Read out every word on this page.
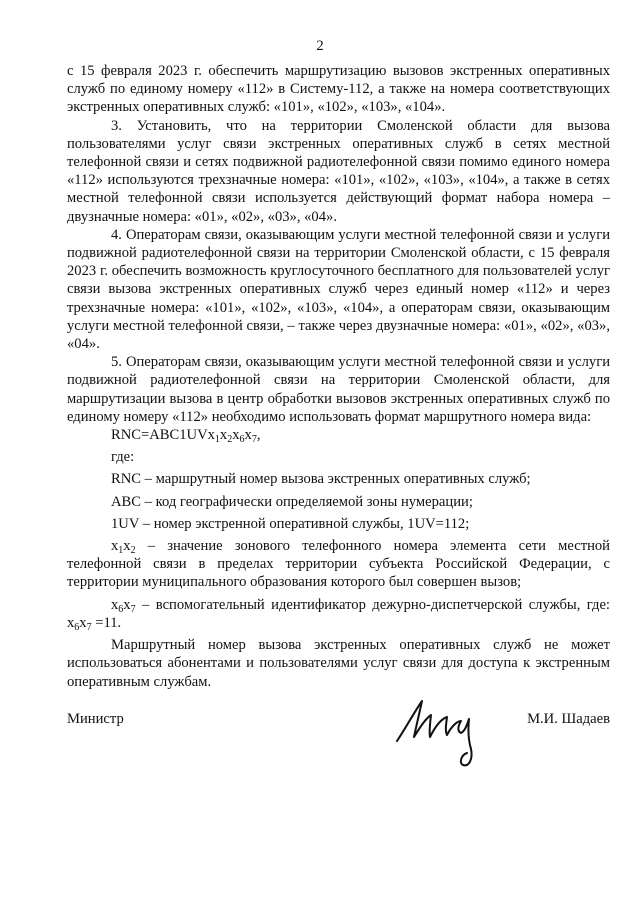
2

с 15 февраля 2023 г. обеспечить маршрутизацию вызовов экстренных оперативных служб по единому номеру «112» в Систему-112, а также на номера соответствующих экстренных оперативных служб: «101», «102», «103», «104».

3. Установить, что на территории Смоленской области для вызова пользователями услуг связи экстренных оперативных служб в сетях местной телефонной связи и сетях подвижной радиотелефонной связи помимо единого номера «112» используются трехзначные номера: «101», «102», «103», «104», а также в сетях местной телефонной связи используется действующий формат набора номера – двузначные номера: «01», «02», «03», «04».

4. Операторам связи, оказывающим услуги местной телефонной связи и услуги подвижной радиотелефонной связи на территории Смоленской области, с 15 февраля 2023 г. обеспечить возможность круглосуточного бесплатного для пользователей услуг связи вызова экстренных оперативных служб через единый номер «112» и через трехзначные номера: «101», «102», «103», «104», а операторам связи, оказывающим услуги местной телефонной связи, – также через двузначные номера: «01», «02», «03», «04».

5. Операторам связи, оказывающим услуги местной телефонной связи и услуги подвижной радиотелефонной связи на территории Смоленской области, для маршрутизации вызова в центр обработки вызовов экстренных оперативных служб по единому номеру «112» необходимо использовать формат маршрутного номера вида:

$RNC=ABC1UVx_1x_2x_6x_7$,

где:

RNC – маршрутный номер вызова экстренных оперативных служб;

ABC – код географически определяемой зоны нумерации;

1UV – номер экстренной оперативной службы, 1UV=112;

$x_1x_2$ – значение зонового телефонного номера элемента сети местной телефонной связи в пределах территории субъекта Российской Федерации, с территории муниципального образования которого был совершен вызов;

$x_6x_7$ – вспомогательный идентификатор дежурно-диспетчерской службы, где: $x_6x_7 =11$.

Маршрутный номер вызова экстренных оперативных служб не может использоваться абонентами и пользователями услуг связи для доступа к экстренным оперативным службам.

Министр	М.И. Шадаев
